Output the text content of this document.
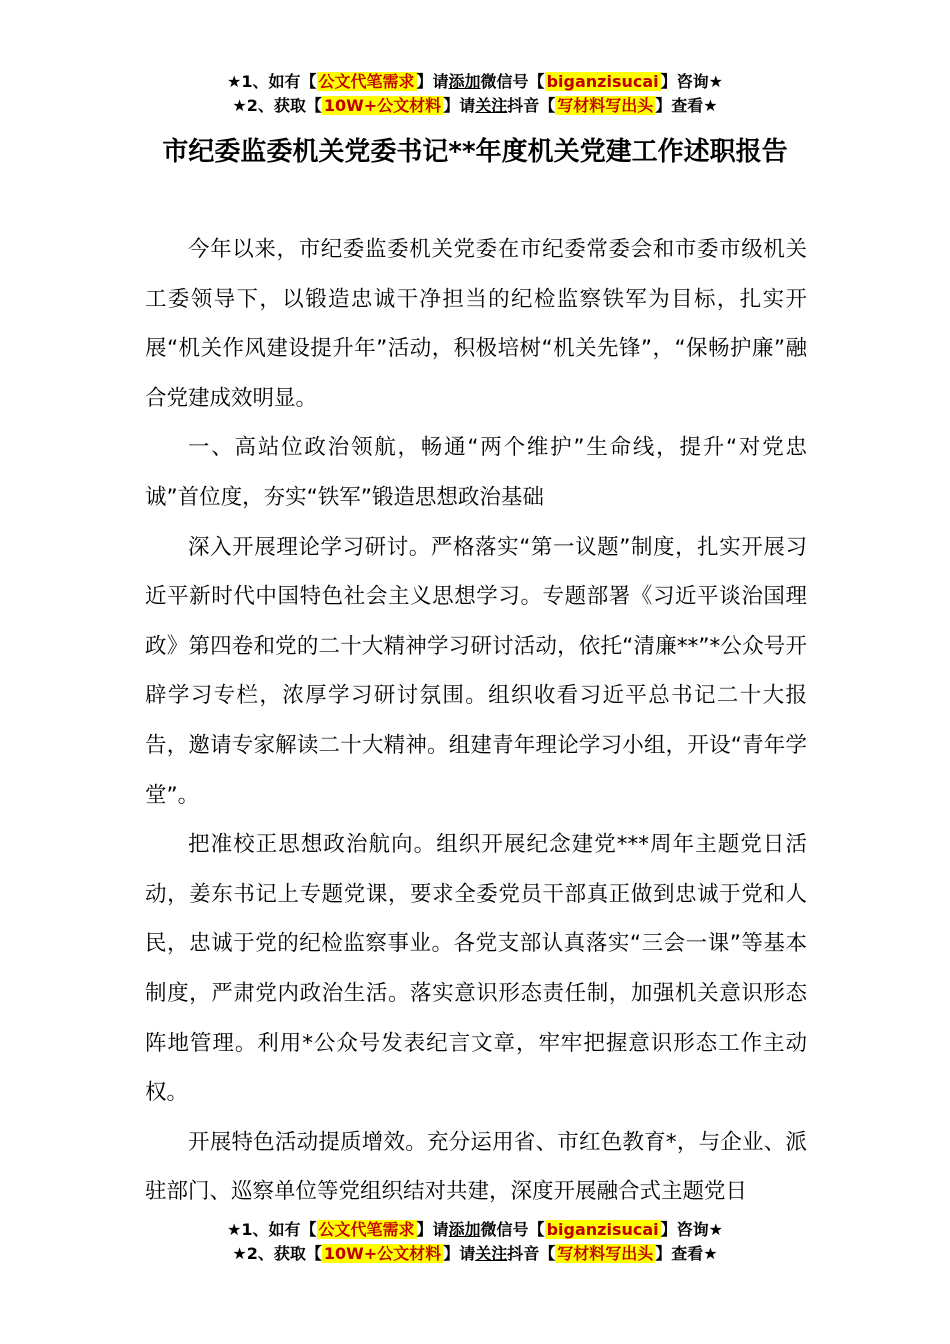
★1、如有【 公文代笔需求 】请添加微信号【 biganzisucai 】咨询★
★2、获取【 10W+公文材料 】请关注抖音【 写材料写出头 】查看★
市纪委监委机关党委书记**年度机关党建工作述职报告

今年以来，市纪委监委机关党委在市纪委常委会和市委市级机关工委领导下，以锻造忠诚干净担当的纪检监察铁军为目标，扎实开展“机关作风建设提升年”活动，积极培树“机关先锋”，“保畅护廉”融合党建成效明显。

一、高站位政治领航，畅通“两个维护”生命线，提升“对党忠诚”首位度，夯实“铁军”锻造思想政治基础

深入开展理论学习研讨。严格落实“第一议题”制度，扎实开展习近平新时代中国特色社会主义思想学习。专题部署《习近平谈治国理政》第四卷和党的二十大精神学习研讨活动，依托“清廉**”*公众号开辟学习专栏，浓厚学习研讨氛围。组织收看习近平总书记二十大报告，邀请专家解读二十大精神。组建青年理论学习小组，开设“青年学堂”。

把准校正思想政治航向。组织开展纪念建党***周年主题党日活动，姜东书记上专题党课，要求全委党员干部真正做到忠诚于党和人民，忠诚于党的纪检监察事业。各党支部认真落实“三会一课”等基本制度，严肃党内政治生活。落实意识形态责任制，加强机关意识形态阵地管理。利用*公众号发表纪言文章，牢牢把握意识形态工作主动权。

开展特色活动提质增效。充分运用省、市红色教育*，与企业、派驻部门、巡察单位等党组织结对共建，深度开展融合式主题党日

★1、如有【 公文代笔需求 】请添加微信号【 biganzisucai 】咨询★
★2、获取【 10W+公文材料 】请关注抖音【 写材料写出头 】查看★
